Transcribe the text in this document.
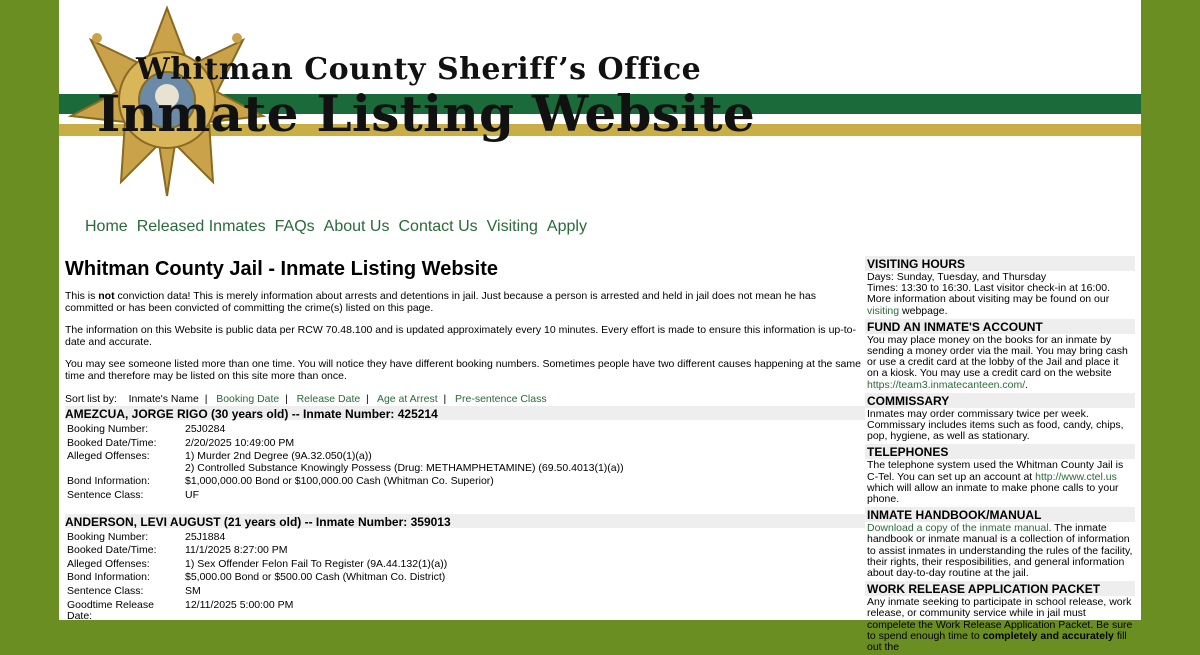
Whitman County Sheriff’s Office
Inmate Listing Website
Home Released Inmates FAQs About Us Contact Us Visiting Apply
Whitman County Jail - Inmate Listing Website

This is not conviction data! This is merely information about arrests and detentions in jail. Just because a person is arrested and held in jail does not mean he has committed or has been convicted of committing the crime(s) listed on this page.

The information on this Website is public data per RCW 70.48.100 and is updated approximately every 10 minutes. Every effort is made to ensure this information is up-to-date and accurate.

You may see someone listed more than one time. You will notice they have different booking numbers. Sometimes people have two different causes happening at the same time and therefore may be listed on this site more than once.

Sort list by: Inmate's Name  |   Booking Date  |   Release Date  |   Age at Arrest  |   Pre-sentence Class
AMEZCUA, JORGE RIGO (30 years old) -- Inmate Number: 425214
Booking Number:	25J0284
Booked Date/Time:	2/20/2025 10:49:00 PM
Alleged Offenses:	1) Murder 2nd Degree (9A.32.050(1)(a))
2) Controlled Substance Knowingly Possess (Drug: METHAMPHETAMINE) (69.50.4013(1)(a))

Bond Information:	$1,000,000.00 Bond or $100,000.00 Cash (Whitman Co. Superior)
Sentence Class:	UF
ANDERSON, LEVI AUGUST (21 years old) -- Inmate Number: 359013
Booking Number:	25J1884
Booked Date/Time:	11/1/2025 8:27:00 PM
Alleged Offenses:	1) Sex Offender Felon Fail To Register (9A.44.132(1)(a))
Bond Information:	$5,000.00 Bond or $500.00 Cash (Whitman Co. District)
Sentence Class:	SM
Goodtime Release Date:	12/11/2025 5:00:00 PM
VISITING HOURS
Days: Sunday, Tuesday, and Thursday
Times: 13:30 to 16:30. Last visitor check-in at 16:00. More information about visiting may be found on our visiting webpage.
FUND AN INMATE'S ACCOUNT
You may place money on the books for an inmate by sending a money order via the mail. You may bring cash or use a credit card at the lobby of the Jail and place it on a kiosk. You may use a credit card on the website https://team3.inmatecanteen.com/.
COMMISSARY
Inmates may order commissary twice per week. Commissary includes items such as food, candy, chips, pop, hygiene, as well as stationary.
TELEPHONES
The telephone system used the Whitman County Jail is C-Tel. You can set up an account at http://www.ctel.us which will allow an inmate to make phone calls to your phone.
INMATE HANDBOOK/MANUAL
Download a copy of the inmate manual. The inmate handbook or inmate manual is a collection of information to assist inmates in understanding the rules of the facility, their rights, their resposibilities, and general information about day-to-day routine at the jail.
WORK RELEASE APPLICATION PACKET
Any inmate seeking to participate in school release, work release, or community service while in jail must compelete the Work Release Application Packet. Be sure to spend enough time to completely and accurately fill out the
